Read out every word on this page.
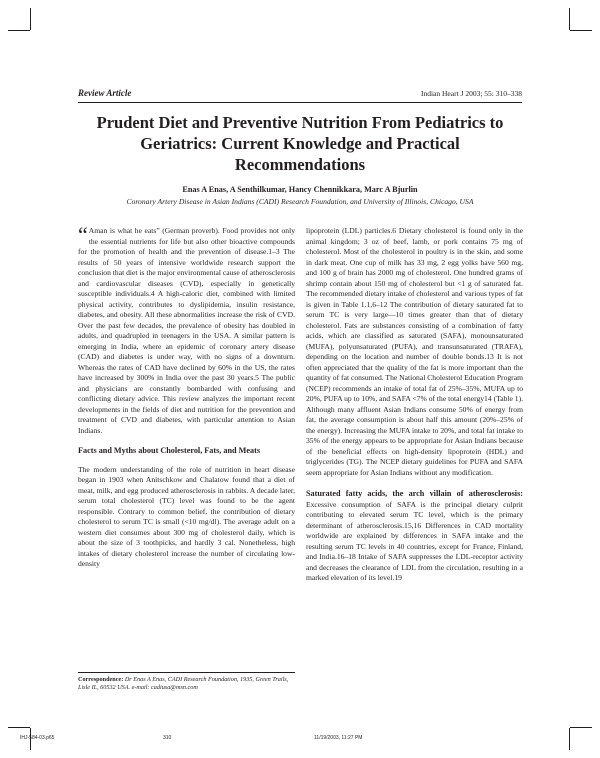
Review Article	Indian Heart J 2003; 55: 310–338
Prudent Diet and Preventive Nutrition From Pediatrics to Geriatrics: Current Knowledge and Practical Recommendations
Enas A Enas, A Senthilkumar, Hancy Chennikkara, Marc A Bjurlin
Coronary Artery Disease in Asian Indians (CADI) Research Foundation, and University of Illinois, Chicago, USA

“ Aman is what he eats” (German proverb). Food provides not only the essential nutrients for life but also other bioactive compounds for the promotion of health and the prevention of disease.1–3 The results of 50 years of intensive worldwide research support the conclusion that diet is the major environmental cause of atherosclerosis and cardiovascular diseases (CVD), especially in genetically susceptible individuals.4 A high-caloric diet, combined with limited physical activity, contributes to dyslipidemia, insulin resistance, diabetes, and obesity. All these abnormalities increase the risk of CVD. Over the past few decades, the prevalence of obesity has doubled in adults, and quadrupled in teenagers in the USA. A similar pattern is emerging in India, where an epidemic of coronary artery disease (CAD) and diabetes is under way, with no signs of a downturn. Whereas the rates of CAD have declined by 60% in the US, the rates have increased by 300% in India over the past 30 years.5 The public and physicians are constantly bombarded with confusing and conflicting dietary advice. This review analyzes the important recent developments in the fields of diet and nutrition for the prevention and treatment of CVD and diabetes, with particular attention to Asian Indians.

Facts and Myths about Cholesterol, Fats, and Meats

The modern understanding of the role of nutrition in heart disease began in 1903 when Anitschkow and Chalatow found that a diet of meat, milk, and egg produced atherosclerosis in rabbits. A decade later, serum total cholesterol (TC) level was found to be the agent responsible. Contrary to common belief, the contribution of dietary cholesterol to serum TC is small (<10 mg/dl). The average adult on a western diet consumes about 300 mg of cholesterol daily, which is about the size of 3 toothpicks, and hardly 3 cal. Nonetheless, high intakes of dietary cholesterol increase the number of circulating low-density

lipoprotein (LDL) particles.6 Dietary cholesterol is found only in the animal kingdom; 3 oz of beef, lamb, or pork contains 75 mg of cholesterol. Most of the cholesterol in poultry is in the skin, and some in dark meat. One cup of milk has 33 mg, 2 egg yolks have 560 mg, and 100 g of brain has 2000 mg of cholesterol. One hundred grams of shrimp contain about 150 mg of cholesterol but <1 g of saturated fat. The recommended dietary intake of cholesterol and various types of fat is given in Table 1.1,6–12 The contribution of dietary saturated fat to serum TC is very large—10 times greater than that of dietary cholesterol. Fats are substances consisting of a combination of fatty acids, which are classified as saturated (SAFA), monounsaturated (MUFA), polyunsaturated (PUFA), and transunsaturated (TRAFA), depending on the location and number of double bonds.13 It is not often appreciated that the quality of the fat is more important than the quantity of fat consumed. The National Cholesterol Education Program (NCEP) recommends an intake of total fat of 25%–35%, MUFA up to 20%, PUFA up to 10%, and SAFA <7% of the total energy14 (Table 1). Although many affluent Asian Indians consume 50% of energy from fat, the average consumption is about half this amount (20%–25% of the energy). Increasing the MUFA intake to 20%, and total fat intake to 35% of the energy appears to be appropriate for Asian Indians because of the beneficial effects on high-density lipoprotein (HDL) and triglycerides (TG). The NCEP dietary guidelines for PUFA and SAFA seem appropriate for Asian Indians without any modification.

Saturated fatty acids, the arch villain of atherosclerosis: Excessive consumption of SAFA is the principal dietary culprit contributing to elevated serum TC level, which is the primary determinant of atherosclerosis.15,16 Differences in CAD mortality worldwide are explained by differences in SAFA intake and the resulting serum TC levels in 40 countries, except for France, Finland, and India.16–18 Intake of SAFA suppresses the LDL-receptor activity and decreases the clearance of LDL from the circulation, resulting in a marked elevation of its level.19

Correspondence: Dr Enas A Enas, CADI Research Foundation, 1935, Green Trails, Lisle IL, 60532 USA. e-mail: cadiusa@msn.com
IHJ-584-03.p65	310	11/19/2003, 11:27 PM
